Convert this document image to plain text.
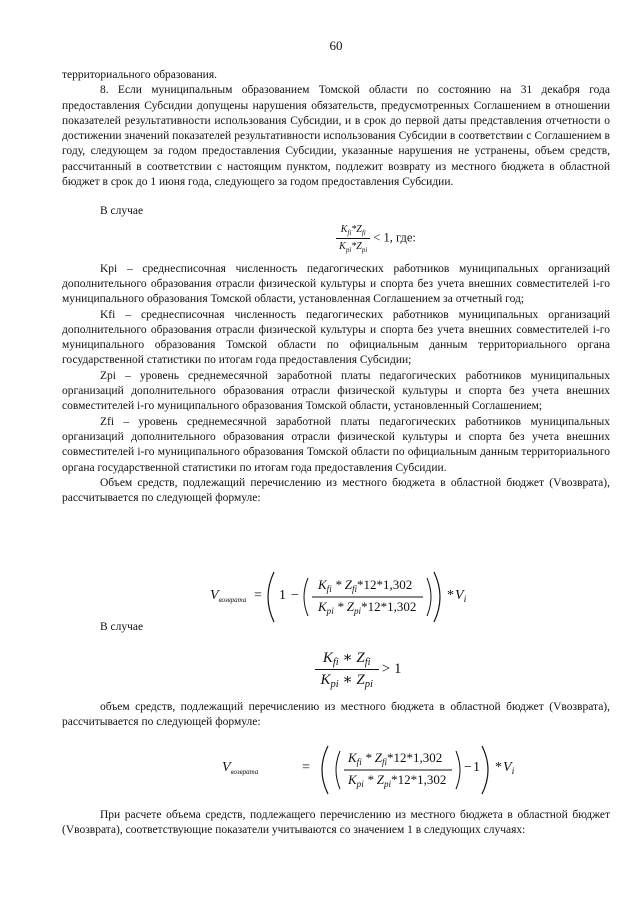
60

территориального образования.

8. Если муниципальным образованием Томской области по состоянию на 31 декабря года предоставления Субсидии допущены нарушения обязательств, предусмотренных Соглашением в отношении показателей результативности использования Субсидии, и в срок до первой даты представления отчетности о достижении значений показателей результативности использования Субсидии в соответствии с Соглашением в году, следующем за годом предоставления Субсидии, указанные нарушения не устранены, объем средств, рассчитанный в соответствии с настоящим пунктом, подлежит возврату из местного бюджета в областной бюджет в срок до 1 июня года, следующего за годом предоставления Субсидии.

В случае

$\frac{K_{fi}*Z_{fi}}{K_{pi}*Z_{pi}} < 1$, где:

Kpi – среднесписочная численность педагогических работников муниципальных организаций дополнительного образования отрасли физической культуры и спорта без учета внешних совместителей i-го муниципального образования Томской области, установленная Соглашением за отчетный год;

Kfi – среднесписочная численность педагогических работников муниципальных организаций дополнительного образования отрасли физической культуры и спорта без учета внешних совместителей i-го муниципального образования Томской области по официальным данным территориального органа государственной статистики по итогам года предоставления Субсидии;

Zpi – уровень среднемесячной заработной платы педагогических работников муниципальных организаций дополнительного образования отрасли физической культуры и спорта без учета внешних совместителей i-го муниципального образования Томской области, установленный Соглашением;

Zfi – уровень среднемесячной заработной платы педагогических работников муниципальных организаций дополнительного образования отрасли физической культуры и спорта без учета внешних совместителей i-го муниципального образования Томской области по официальным данным территориального органа государственной статистики по итогам года предоставления Субсидии.

Объем средств, подлежащий перечислению из местного бюджета в областной бюджет (Vвозврата), рассчитывается по следующей формуле:

$V_{возврата} = 1$ −
$K_{fi} * Z_{fi}*12*1,302$
$K_{pi} * Z_{pi}*12*1,302$
* $V_i$

В случае

$\frac{K_{fi} ∗ Z_{fi}}{K_{pi} ∗ Z_{pi}} > 1$

объем средств, подлежащий перечислению из местного бюджета в областной бюджет (Vвозврата), рассчитывается по следующей формуле:

$V_{возврата}$	=
$K_{fi} * Z_{fi}*12*1,302$
$K_{pi} * Z_{pi}*12*1,302$
− $1 * V_i$

При расчете объема средств, подлежащего перечислению из местного бюджета в областной бюджет (Vвозврата), соответствующие показатели учитываются со значением 1 в следующих случаях:
